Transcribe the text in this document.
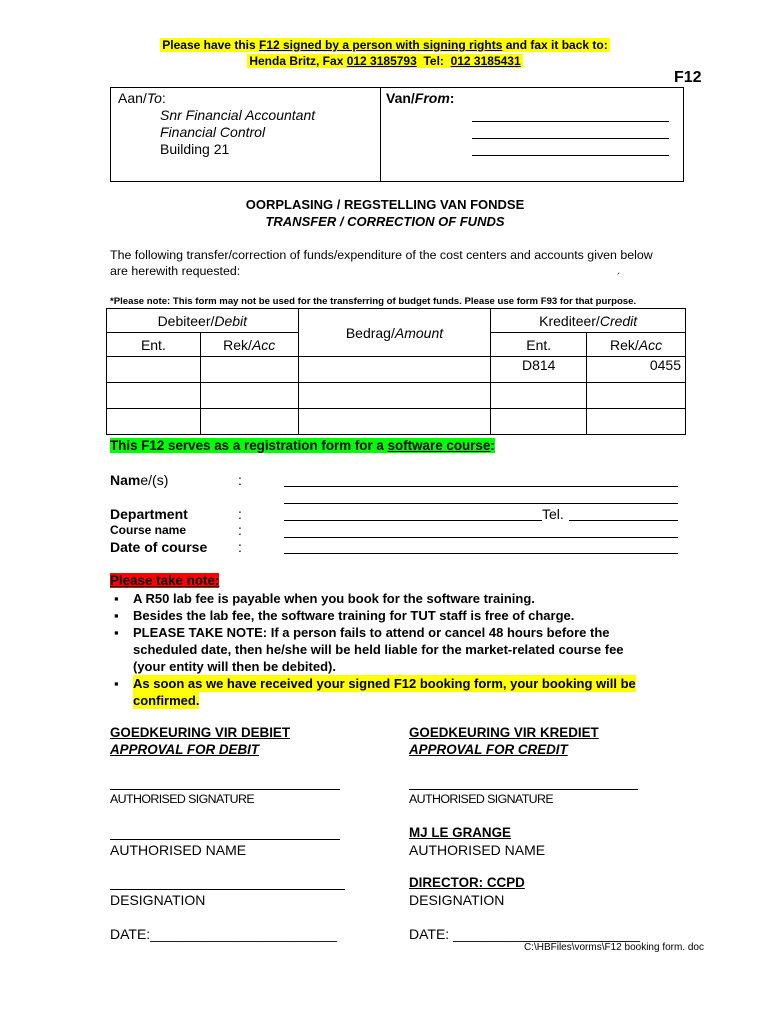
Please have this F12 signed by a person with signing rights and fax it back to:
Henda Britz, Fax 012 3185793  Tel:  012 3185431
F12
Aan/To:
Snr Financial Accountant
Financial Control
Building 21
Van/From:
OORPLASING / REGSTELLING VAN FONDSE
TRANSFER / CORRECTION OF FUNDS
The following transfer/correction of funds/expenditure of the cost centers and accounts given below
are herewith requested:	´
*Please note: This form may not be used for the transferring of budget funds. Please use form F93 for that purpose.
Debiteer/Debit		Bedrag/Amount	Krediteer/Credit	
Ent.	Rek/Acc		Ent.	Rek/Acc
			D814	0455

This F12 serves as a registration form for a software course:
Name/(s)	:
Department	:	Tel.
Course name	:
Date of course :
Please take note:
▪ A R50 lab fee is payable when you book for the software training.
▪ Besides the lab fee, the software training for TUT staff is free of charge.
▪ PLEASE TAKE NOTE: If a person fails to attend or cancel 48 hours before the
scheduled date, then he/she will be held liable for the market-related course fee
(your entity will then be debited).
▪ As soon as we have received your signed F12 booking form, your booking will be
confirmed.
GOEDKEURING VIR DEBIET
APPROVAL FOR DEBIT
AUTHORISED SIGNATURE
AUTHORISED NAME
DESIGNATION
DATE:________________________
GOEDKEURING VIR KREDIET
APPROVAL FOR CREDIT
AUTHORISED SIGNATURE
MJ LE GRANGE
AUTHORISED NAME
DIRECTOR: CCPD
DESIGNATION
DATE: ________________________
C:\HBFiles\vorms\F12 booking form. doc
